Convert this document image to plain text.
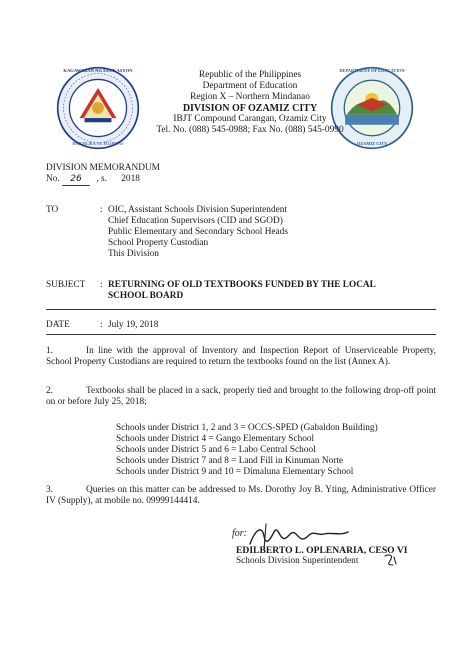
KAGAWARAN NG EDUKASYON
REPUBLIKA NG PILIPINAS
DEPARTMENT OF EDUCATION
OZAMIZ CITY
Republic of the Philippines
Department of Education
Region X – Northern Mindanao
DIVISION OF OZAMIZ CITY
IBJT Compound Carangan, Ozamiz City
Tel. No. (088) 545-0988; Fax No. (088) 545-0990
DIVISION MEMORANDUM
No. 26 , s. 2018
TO	: OIC, Assistant Schools Division Superintendent
Chief Education Supervisors (CID and SGOD)
Public Elementary and Secondary School Heads
School Property Custodian
This Division
SUBJECT : RETURNING OF OLD TEXTBOOKS FUNDED BY THE LOCAL
SCHOOL BOARD
DATE	: July 19, 2018
1.	In line with the approval of Inventory and Inspection Report of Unserviceable Property, School Property Custodians are required to return the textbooks found on the list (Annex A).
2.	Textbooks shall be placed in a sack, properly tied and brought to the following drop-off point on or before July 25, 2018;
Schools under District 1, 2 and 3 = OCCS-SPED (Gabaldon Building)
Schools under District 4 = Gango Elementary School
Schools under District 5 and 6 = Labo Central School
Schools under District 7 and 8 = Land Fill in Kinuman Norte
Schools under District 9 and 10 = Dimaluna Elementary School
3.	Queries on this matter can be addressed to Ms. Dorothy Joy B. Yting, Administrative Officer IV (Supply), at mobile no. 09999144414.
for:
EDILBERTO L. OPLENARIA, CESO VI
Schools Division Superintendent
